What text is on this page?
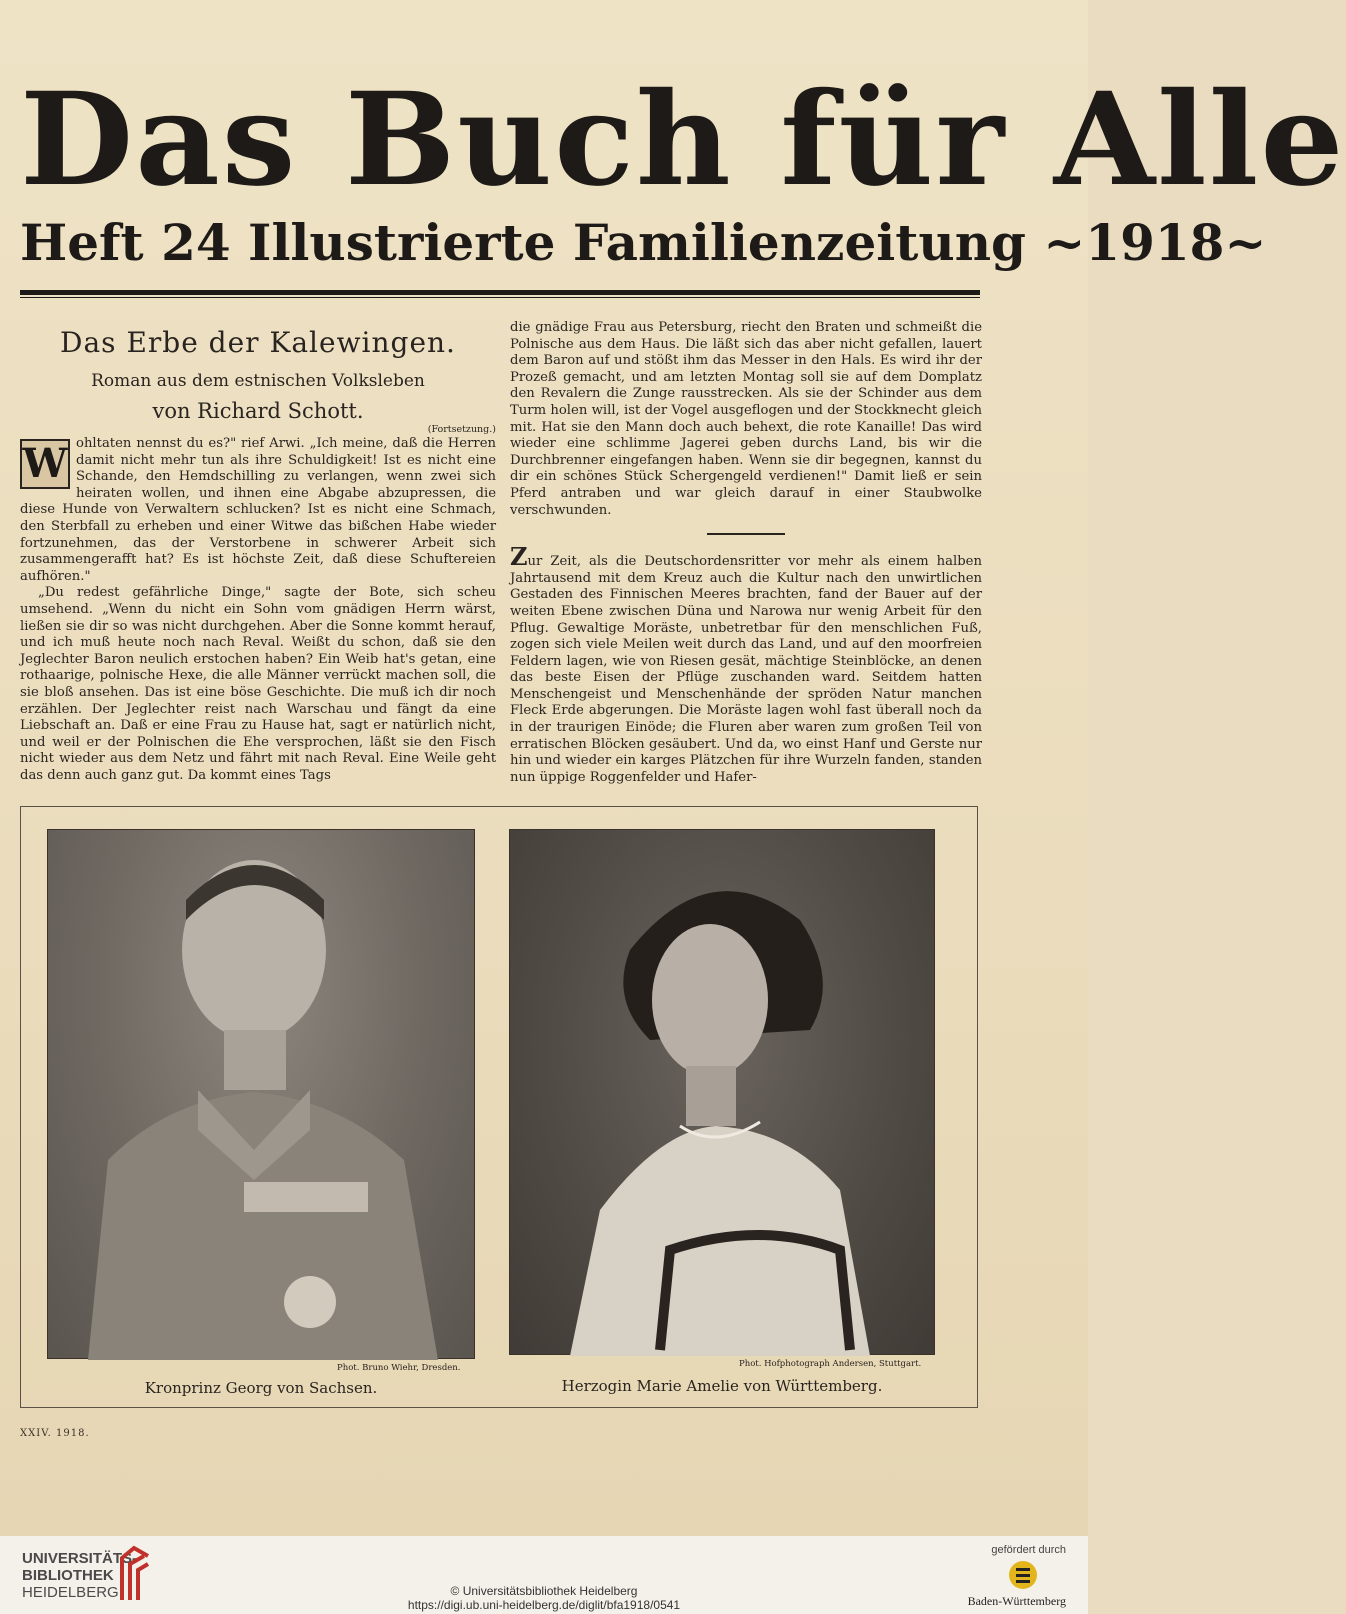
Das Buch für Alle
Heft 24 Illustrierte Familienzeitung ~1918~
Das Erbe der Kalewingen.
Roman aus dem estnischen Volksleben
von Richard Schott.
(Fortsetzung.)
W ohltaten nennst du es?" rief Arwi. „Ich meine, daß die Herren damit nicht mehr tun als ihre Schuldigkeit! Ist es nicht eine Schande, den Hemdschilling zu verlangen, wenn zwei sich heiraten wollen, und ihnen eine Abgabe abzupressen, die diese Hunde von Verwaltern schlucken? Ist es nicht eine Schmach, den Sterbfall zu erheben und einer Witwe das bißchen Habe wieder fortzunehmen, das der Verstorbene in schwerer Arbeit sich zusammengerafft hat? Es ist höchste Zeit, daß diese Schuftereien aufhören."

„Du redest gefährliche Dinge," sagte der Bote, sich scheu umsehend. „Wenn du nicht ein Sohn vom gnädigen Herrn wärst, ließen sie dir so was nicht durchgehen. Aber die Sonne kommt herauf, und ich muß heute noch nach Reval. Weißt du schon, daß sie den Jeglechter Baron neulich erstochen haben? Ein Weib hat's getan, eine rothaarige, polnische Hexe, die alle Männer verrückt machen soll, die sie bloß ansehen. Das ist eine böse Geschichte. Die muß ich dir noch erzählen. Der Jeglechter reist nach Warschau und fängt da eine Liebschaft an. Daß er eine Frau zu Hause hat, sagt er natürlich nicht, und weil er der Polnischen die Ehe versprochen, läßt sie den Fisch nicht wieder aus dem Netz und fährt mit nach Reval. Eine Weile geht das denn auch ganz gut. Da kommt eines Tags

die gnädige Frau aus Petersburg, riecht den Braten und schmeißt die Polnische aus dem Haus. Die läßt sich das aber nicht gefallen, lauert dem Baron auf und stößt ihm das Messer in den Hals. Es wird ihr der Prozeß gemacht, und am letzten Montag soll sie auf dem Domplatz den Revalern die Zunge rausstrecken. Als sie der Schinder aus dem Turm holen will, ist der Vogel ausgeflogen und der Stockknecht gleich mit. Hat sie den Mann doch auch behext, die rote Kanaille! Das wird wieder eine schlimme Jagerei geben durchs Land, bis wir die Durchbrenner eingefangen haben. Wenn sie dir begegnen, kannst du dir ein schönes Stück Schergengeld verdienen!" Damit ließ er sein Pferd antraben und war gleich darauf in einer Staubwolke verschwunden.

Zur Zeit, als die Deutschordensritter vor mehr als einem halben Jahrtausend mit dem Kreuz auch die Kultur nach den unwirtlichen Gestaden des Finnischen Meeres brachten, fand der Bauer auf der weiten Ebene zwischen Düna und Narowa nur wenig Arbeit für den Pflug. Gewaltige Moräste, unbetretbar für den menschlichen Fuß, zogen sich viele Meilen weit durch das Land, und auf den moorfreien Feldern lagen, wie von Riesen gesät, mächtige Steinblöcke, an denen das beste Eisen der Pflüge zuschanden ward. Seitdem hatten Menschengeist und Menschenhände der spröden Natur manchen Fleck Erde abgerungen. Die Moräste lagen wohl fast überall noch da in der traurigen Einöde; die Fluren aber waren zum großen Teil von erratischen Blöcken gesäubert. Und da, wo einst Hanf und Gerste nur hin und wieder ein karges Plätzchen für ihre Wurzeln fanden, standen nun üppige Roggenfelder und Hafer-

Phot. Bruno Wiehr, Dresden.
Kronprinz Georg von Sachsen.
Phot. Hofphotograph Andersen, Stuttgart.
Herzogin Marie Amelie von Württemberg.
XXIV. 1918.
UNIVERSITÄTS-
BIBLIOTHEK
HEIDELBERG	© Universitätsbibliothek Heidelberg
https://digi.ub.uni-heidelberg.de/diglit/bfa1918/0541
gefördert durch
Baden-Württemberg
